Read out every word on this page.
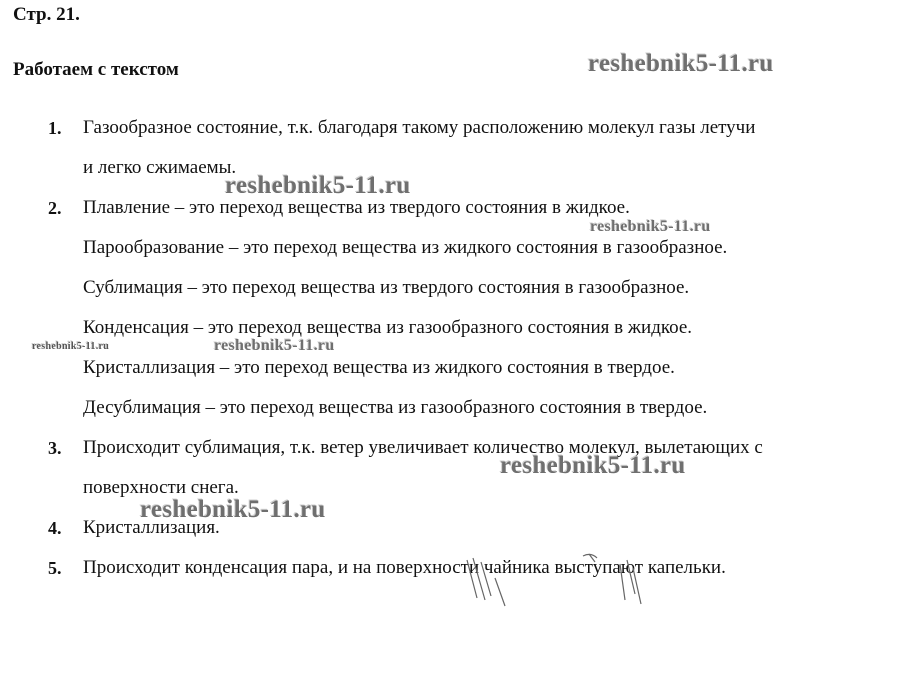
Стр. 21.
Работаем с текстом
1. Газообразное состояние, т.к. благодаря такому расположению молекул газы летучи
и легко сжимаемы.
2. Плавление – это переход вещества из твердого состояния в жидкое.
Парообразование – это переход вещества из жидкого состояния в газообразное.
Сублимация – это переход вещества из твердого состояния в газообразное.
Конденсация – это переход вещества из газообразного состояния в жидкое.
Кристаллизация – это переход вещества из жидкого состояния в твердое.
Десублимация – это переход вещества из газообразного состояния в твердое.
3. Происходит сублимация, т.к. ветер увеличивает количество молекул, вылетающих с
поверхности снега.
4. Кристаллизация.
5. Происходит конденсация пара, и на поверхности чайника выступают капельки.
reshebnik5-11.ru
reshebnik5-11.ru
reshebnik5-11.ru
reshebnik5-11.ru	reshebnik5-11.ru
reshebnik5-11.ru
reshebnik5-11.ru
